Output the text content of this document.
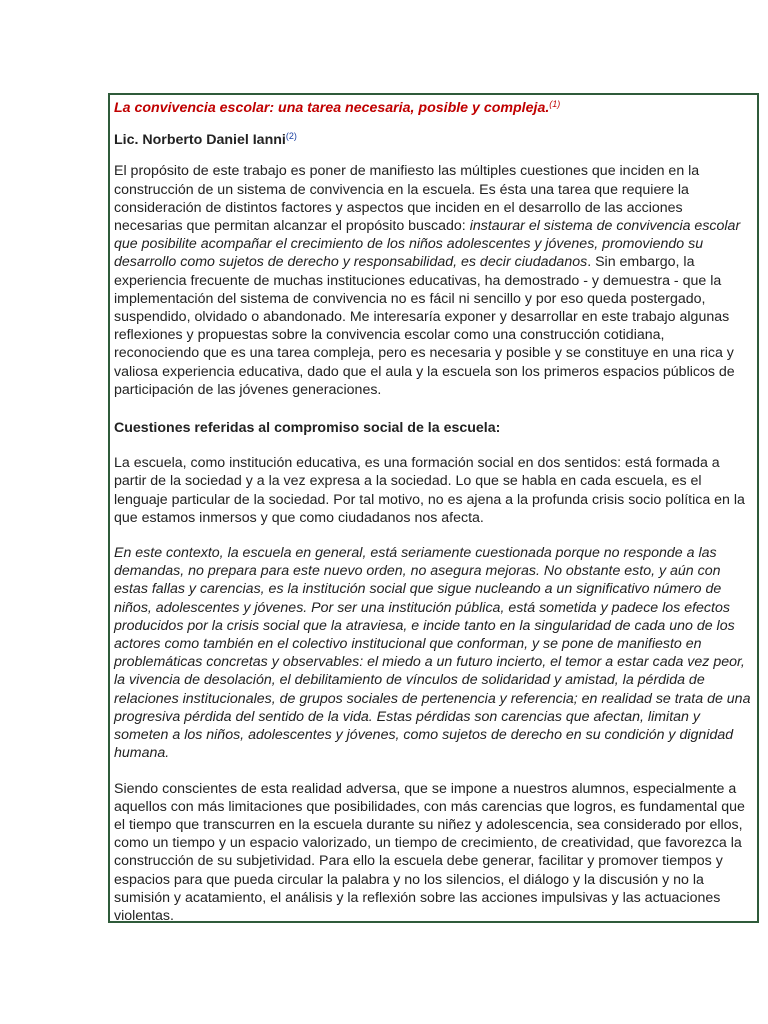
La convivencia escolar: una tarea necesaria, posible y compleja.$^{(1)}$

Lic. Norberto Daniel Ianni$^{(2)}$

El propósito de este trabajo es poner de manifiesto las múltiples cuestiones que inciden en la construcción de un sistema de convivencia en la escuela. Es ésta una tarea que requiere la consideración de distintos factores y aspectos que inciden en el desarrollo de las acciones necesarias que permitan alcanzar el propósito buscado: instaurar el sistema de convivencia escolar que posibilite acompañar el crecimiento de los niños adolescentes y jóvenes, promoviendo su desarrollo como sujetos de derecho y responsabilidad, es decir ciudadanos. Sin embargo, la experiencia frecuente de muchas instituciones educativas, ha demostrado - y demuestra - que la implementación del sistema de convivencia no es fácil ni sencillo y por eso queda postergado, suspendido, olvidado o abandonado. Me interesaría exponer y desarrollar en este trabajo algunas reflexiones y propuestas sobre la convivencia escolar como una construcción cotidiana, reconociendo que es una tarea compleja, pero es necesaria y posible y se constituye en una rica y valiosa experiencia educativa, dado que el aula y la escuela son los primeros espacios públicos de participación de las jóvenes generaciones.

Cuestiones referidas al compromiso social de la escuela:

La escuela, como institución educativa, es una formación social en dos sentidos: está formada a partir de la sociedad y a la vez expresa a la sociedad. Lo que se habla en cada escuela, es el lenguaje particular de la sociedad. Por tal motivo, no es ajena a la profunda crisis socio política en la que estamos inmersos y que como ciudadanos nos afecta.

En este contexto, la escuela en general, está seriamente cuestionada porque no responde a las demandas, no prepara para este nuevo orden, no asegura mejoras. No obstante esto, y aún con estas fallas y carencias, es la institución social que sigue nucleando a un significativo número de niños, adolescentes y jóvenes. Por ser una institución pública, está sometida y padece los efectos producidos por la crisis social que la atraviesa, e incide tanto en la singularidad de cada uno de los actores como también en el colectivo institucional que conforman, y se pone de manifiesto en problemáticas concretas y observables: el miedo a un futuro incierto, el temor a estar cada vez peor, la vivencia de desolación, el debilitamiento de vínculos de solidaridad y amistad, la pérdida de relaciones institucionales, de grupos sociales de pertenencia y referencia; en realidad se trata de una progresiva pérdida del sentido de la vida. Estas pérdidas son carencias que afectan, limitan y someten a los niños, adolescentes y jóvenes, como sujetos de derecho en su condición y dignidad humana.

Siendo conscientes de esta realidad adversa, que se impone a nuestros alumnos, especialmente a aquellos con más limitaciones que posibilidades, con más carencias que logros, es fundamental que el tiempo que transcurren en la escuela durante su niñez y adolescencia, sea considerado por ellos, como un tiempo y un espacio valorizado, un tiempo de crecimiento, de creatividad, que favorezca la construcción de su subjetividad. Para ello la escuela debe generar, facilitar y promover tiempos y espacios para que pueda circular la palabra y no los silencios, el diálogo y la discusión y no la sumisión y acatamiento, el análisis y la reflexión sobre las acciones impulsivas y las actuaciones violentas.
